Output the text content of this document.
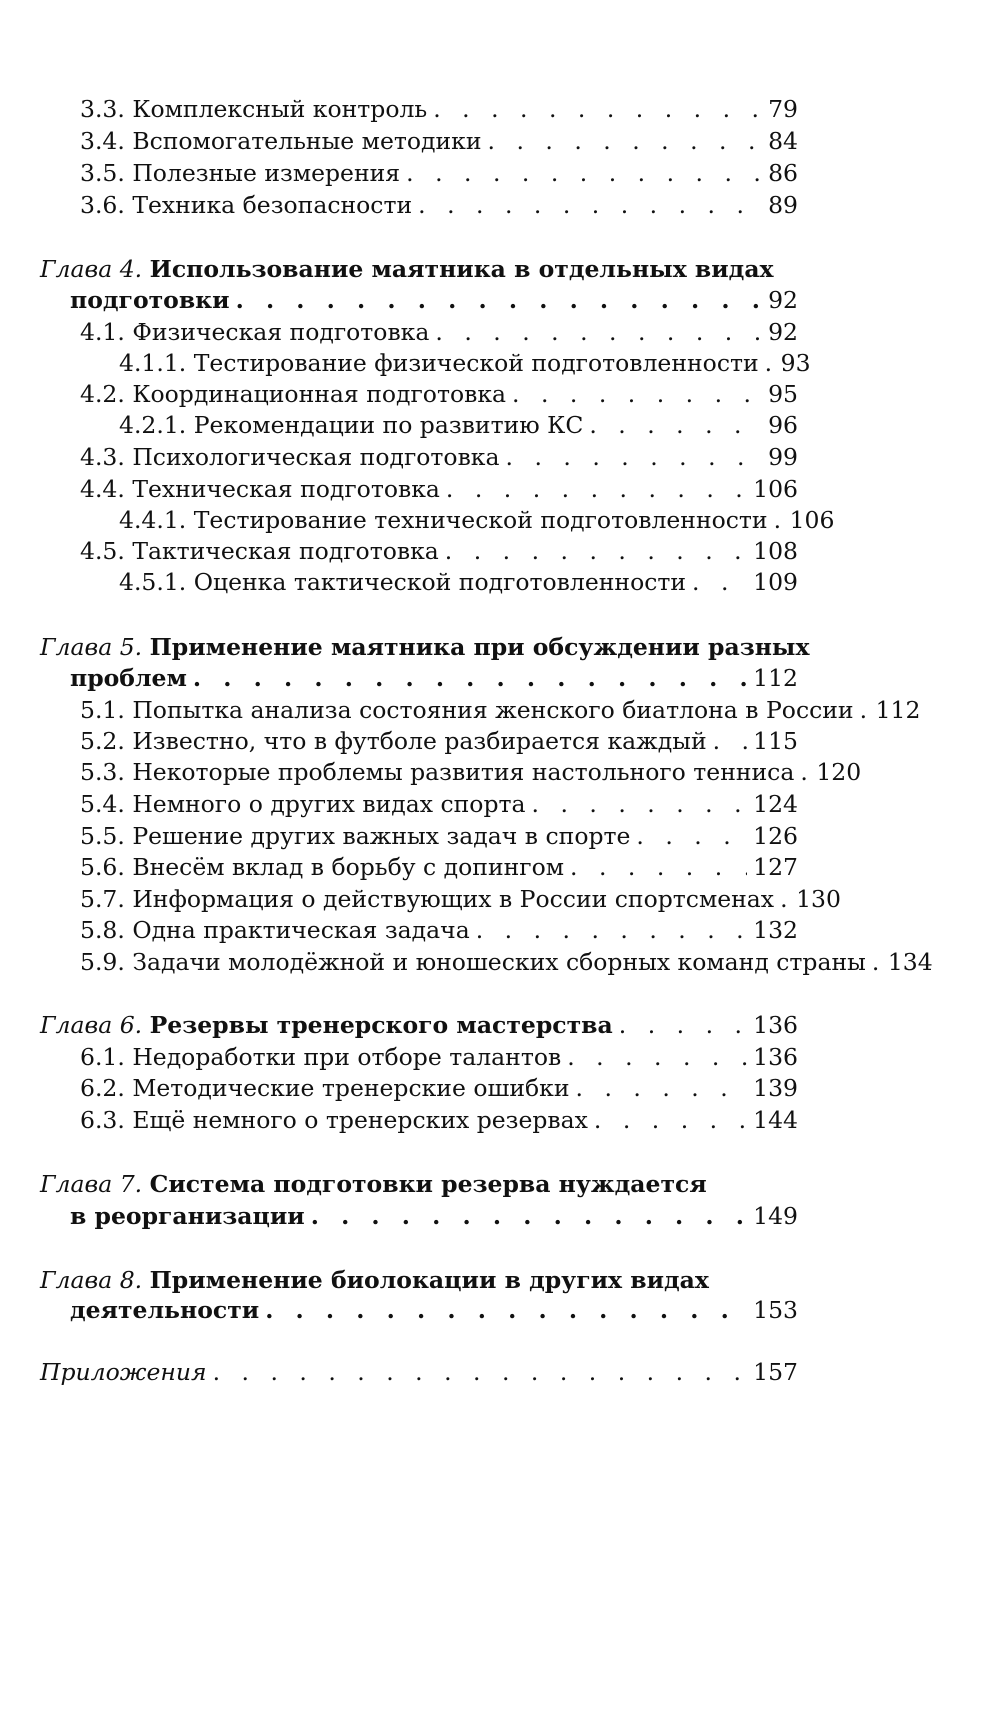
3.3. Комплексный контроль . . .	79
3.4. Вспомогательные методики . . .	84
3.5. Полезные измерения . . .	86
3.6. Техника безопасности . . .	89
Глава 4. Использование маятника в отдельных видах
подготовки . . .	92
4.1. Физическая подготовка . . .	92
4.1.1. Тестирование физической подготовленности . . . 93
4.2. Координационная подготовка . . .	95
4.2.1. Рекомендации по развитию КС . . .	96
4.3. Психологическая подготовка . . .	99
4.4. Техническая подготовка . . .	106
4.4.1. Тестирование технической подготовленности . . . 106
4.5. Тактическая подготовка . . .	108
4.5.1. Оценка тактической подготовленности . . .	109
Глава 5. Применение маятника при обсуждении разных
проблем . . .	112
5.1. Попытка анализа состояния женского биатлона в России . . . 112
5.2. Известно, что в футболе разбирается каждый . . . 115
5.3. Некоторые проблемы развития настольного тенниса . . . 120
5.4. Немного о других видах спорта . . .	124
5.5. Решение других важных задач в спорте . . .	126
5.6. Внесём вклад в борьбу с допингом . . .	127
5.7. Информация о действующих в России спортсменах . . . 130
5.8. Одна практическая задача . . .	132
5.9. Задачи молодёжной и юношеских сборных команд страны . . . 134
Глава 6. Резервы тренерского мастерства . . .	136
6.1. Недоработки при отборе талантов . . .	136
6.2. Методические тренерские ошибки . . .	139
6.3. Ещё немного о тренерских резервах . . .	144
Глава 7. Система подготовки резерва нуждается
в реорганизации . . .	149
Глава 8. Применение биолокации в других видах
деятельности . . .	153
Приложения . . .	157
